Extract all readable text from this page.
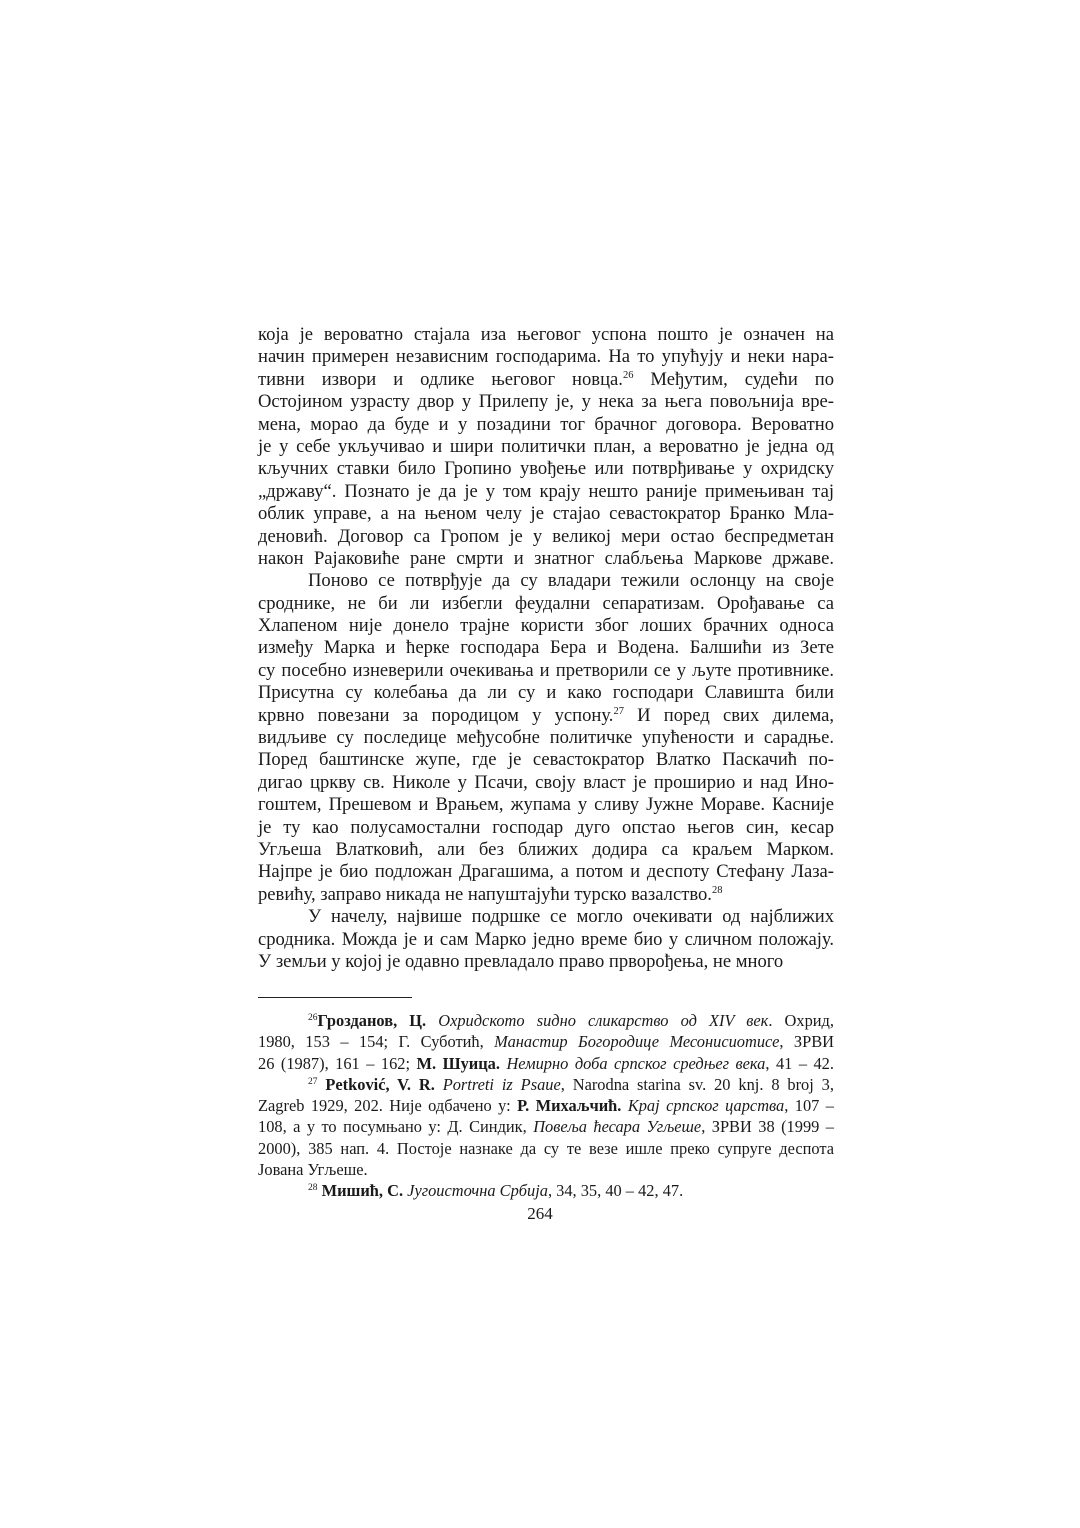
која је вероватно стајала иза његовог успона пошто је означен на
начин примерен независним господарима. На то упућују и неки нара-
тивни извори и одлике његовог новца.$^{26}$ Међутим, судећи по
Остојином узрасту двор у Прилепу је, у нека за њега повољнија вре-
мена, морао да буде и у позадини тог брачног договора. Вероватно
је у себе укључивао и шири политички план, а вероватно је једна од
кључних ставки било Гропино увођење или потврђивање у охридску
„државу“. Познато је да је у том крају нешто раније примењиван тај
облик управе, а на њеном челу је стајао севастократор Бранко Мла-
деновић. Договор са Гропом је у великој мери остао беспредметан
након Рајаковиће ране смрти и знатног слабљења Маркове државе.
Поново се потврђује да су владари тежили ослонцу на своје
сроднике, не би ли избегли феудални сепаратизам. Орођавање са
Хлапеном није донело трајне користи због лоших брачних односа
између Марка и ћерке господара Бера и Водена. Балшићи из Зете
су посебно изневерили очекивања и претворили се у љуте противнике.
Присутна су колебања да ли су и како господари Славишта били
крвно повезани за породицом у успону.$^{27}$ И поред свих дилема,
видљиве су последице међусобне политичке упућености и сарадње.
Поред баштинске жупе, где је севастократор Влатко Паскачић по-
дигао цркву св. Николе у Псачи, своју власт је проширио и над Ино-
гоштем, Прешевом и Врањем, жупама у сливу Јужне Мораве. Касније
је ту као полусамостални господар дуго опстао његов син, кесар
Угљеша Влатковић, али без ближих додира са краљем Марком.
Најпре је био подложан Драгашима, а потом и деспоту Стефану Лаза-
ревићу, заправо никада не напуштајући турско вазалство.$^{28}$
У начелу, највише подршке се могло очекивати од најближих
сродника. Можда је и сам Марко једно време био у сличном положају.
У земљи у којој је одавно превладало право прворођења, не много
$^{26}$Грозданов, Ц. Охридското ѕидно сликарство од XIV век. Охрид,
1980, 153 – 154; Г. Суботић, Манастир Богородице Месонисиотисе, ЗРВИ
26 (1987), 161 – 162; М. Шуица. Немирно доба српског средњег века, 41 – 42.
$^{27}$ Petković, V. R. Portreti iz Psaиe, Narodna starina sv. 20 knj. 8 broj 3,
Zagreb 1929, 202. Није одбачено у: Р. Михаљчић. Крај српског царства, 107 –
108, а у то посумњано у: Д. Синдик, Повеља ћесара Угљеше, ЗРВИ 38 (1999 –
2000), 385 нап. 4. Постоје назнаке да су те везе ишле преко супруге деспота
Јована Угљеше.
$^{28}$ Мишић, С. Југоисточна Србија, 34, 35, 40 – 42, 47.
264
